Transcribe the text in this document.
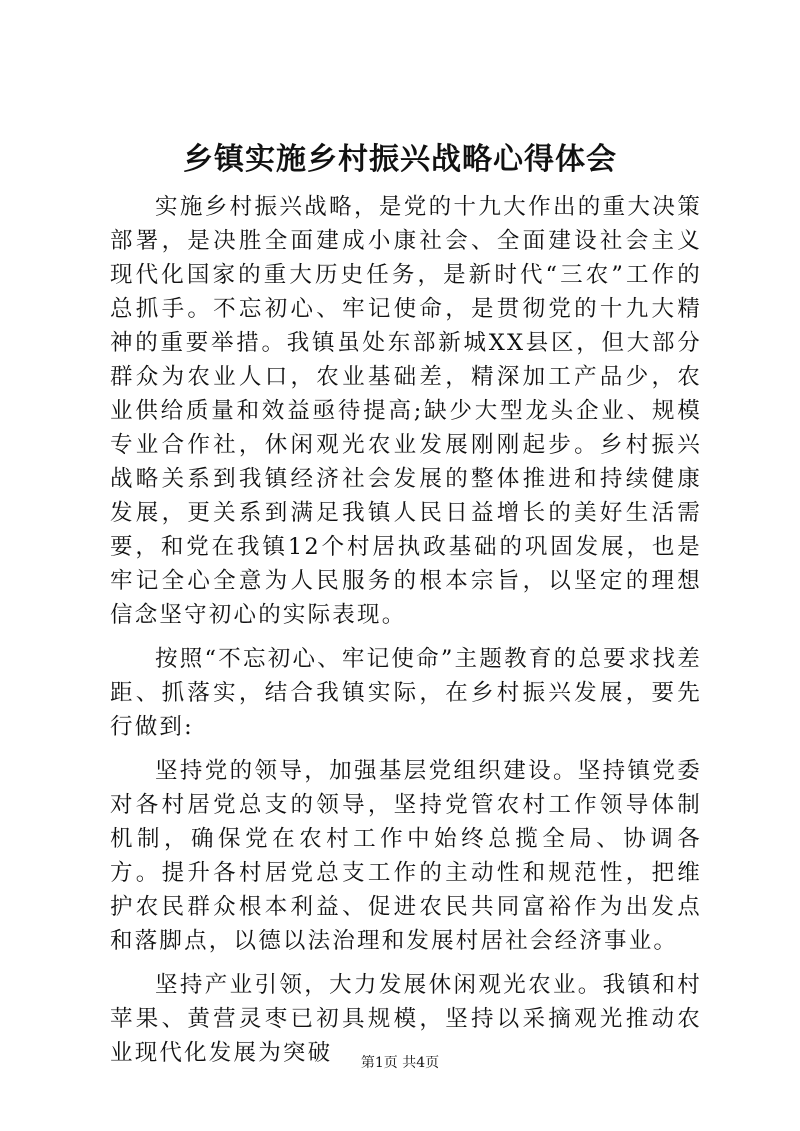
乡镇实施乡村振兴战略心得体会

实施乡村振兴战略，是党的十九大作出的重大决策部署，是决胜全面建成小康社会、全面建设社会主义现代化国家的重大历史任务，是新时代“三农”工作的总抓手。不忘初心、牢记使命，是贯彻党的十九大精神的重要举措。我镇虽处东部新城XX县区，但大部分群众为农业人口，农业基础差，精深加工产品少，农业供给质量和效益亟待提高;缺少大型龙头企业、规模专业合作社，休闲观光农业发展刚刚起步。乡村振兴战略关系到我镇经济社会发展的整体推进和持续健康发展，更关系到满足我镇人民日益增长的美好生活需要，和党在我镇12个村居执政基础的巩固发展，也是牢记全心全意为人民服务的根本宗旨，以坚定的理想信念坚守初心的实际表现。

按照“不忘初心、牢记使命”主题教育的总要求找差距、抓落实，结合我镇实际，在乡村振兴发展，要先行做到:

坚持党的领导，加强基层党组织建设。坚持镇党委对各村居党总支的领导，坚持党管农村工作领导体制机制，确保党在农村工作中始终总揽全局、协调各方。提升各村居党总支工作的主动性和规范性，把维护农民群众根本利益、促进农民共同富裕作为出发点和落脚点，以德以法治理和发展村居社会经济事业。

坚持产业引领，大力发展休闲观光农业。我镇和村苹果、黄营灵枣已初具规模，坚持以采摘观光推动农业现代化发展为突破	第1页 共4页
